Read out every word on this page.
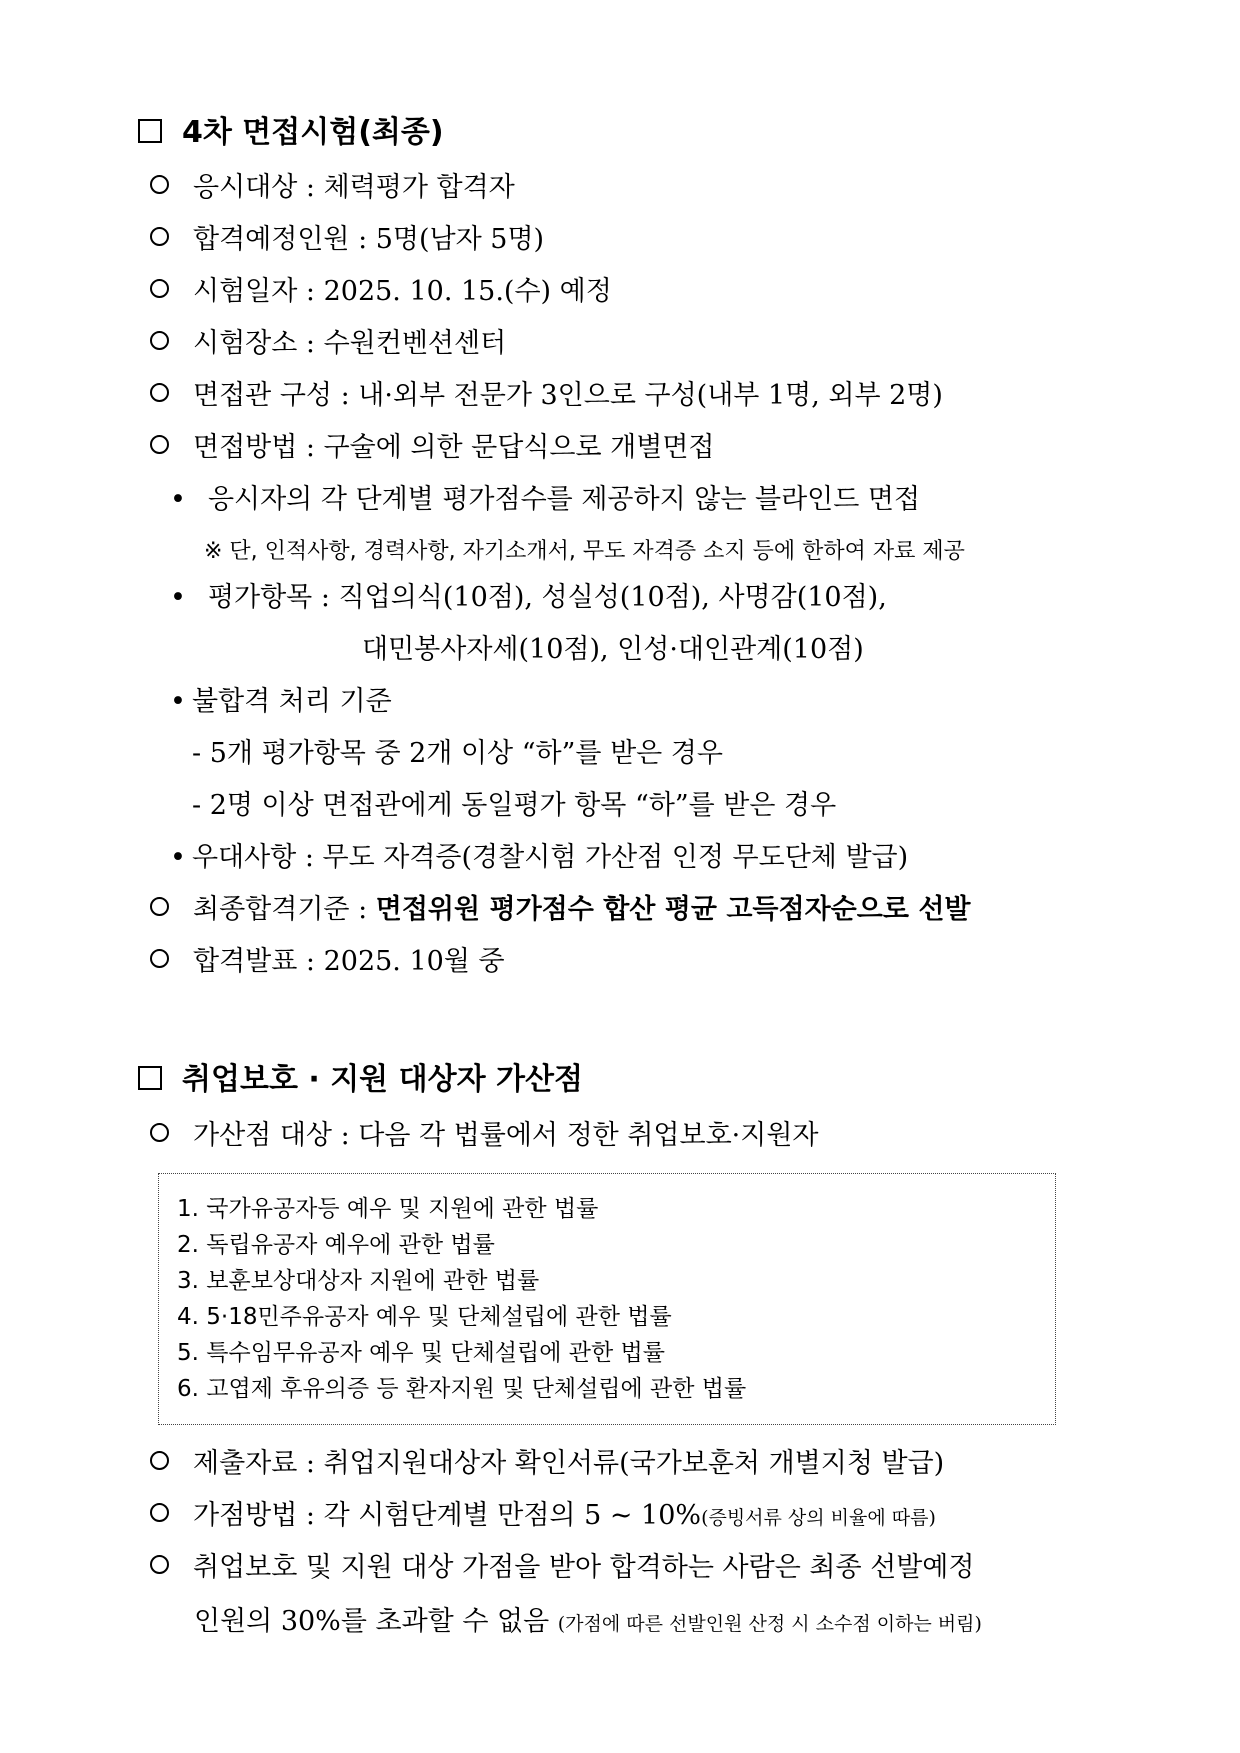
4차 면접시험(최종)
응시대상 : 체력평가 합격자
합격예정인원 : 5명(남자 5명)
시험일자 : 2025. 10. 15.(수) 예정
시험장소 : 수원컨벤션센터
면접관 구성 : 내·외부 전문가 3인으로 구성(내부 1명, 외부 2명)
면접방법 : 구술에 의한 문답식으로 개별면접
• 응시자의 각 단계별 평가점수를 제공하지 않는 블라인드 면접
※ 단, 인적사항, 경력사항, 자기소개서, 무도 자격증 소지 등에 한하여 자료 제공
• 평가항목 : 직업의식(10점), 성실성(10점), 사명감(10점),
대민봉사자세(10점), 인성·대인관계(10점)
• 불합격 처리 기준
- 5개 평가항목 중 2개 이상 “하”를 받은 경우
- 2명 이상 면접관에게 동일평가 항목 “하”를 받은 경우
• 우대사항 : 무도 자격증(경찰시험 가산점 인정 무도단체 발급)
최종합격기준 : 면접위원 평가점수 합산 평균 고득점자순으로 선발
합격발표 : 2025. 10월 중
취업보호 · 지원 대상자 가산점
가산점 대상 : 다음 각 법률에서 정한 취업보호·지원자
1. 국가유공자등 예우 및 지원에 관한 법률
2. 독립유공자 예우에 관한 법률
3. 보훈보상대상자 지원에 관한 법률
4. 5·18민주유공자 예우 및 단체설립에 관한 법률
5. 특수임무유공자 예우 및 단체설립에 관한 법률
6. 고엽제 후유의증 등 환자지원 및 단체설립에 관한 법률
제출자료 : 취업지원대상자 확인서류(국가보훈처 개별지청 발급)
가점방법 : 각 시험단계별 만점의 5 ~ 10%(증빙서류 상의 비율에 따름)
취업보호 및 지원 대상 가점을 받아 합격하는 사람은 최종 선발예정
인원의 30%를 초과할 수 없음 (가점에 따른 선발인원 산정 시 소수점 이하는 버림)
